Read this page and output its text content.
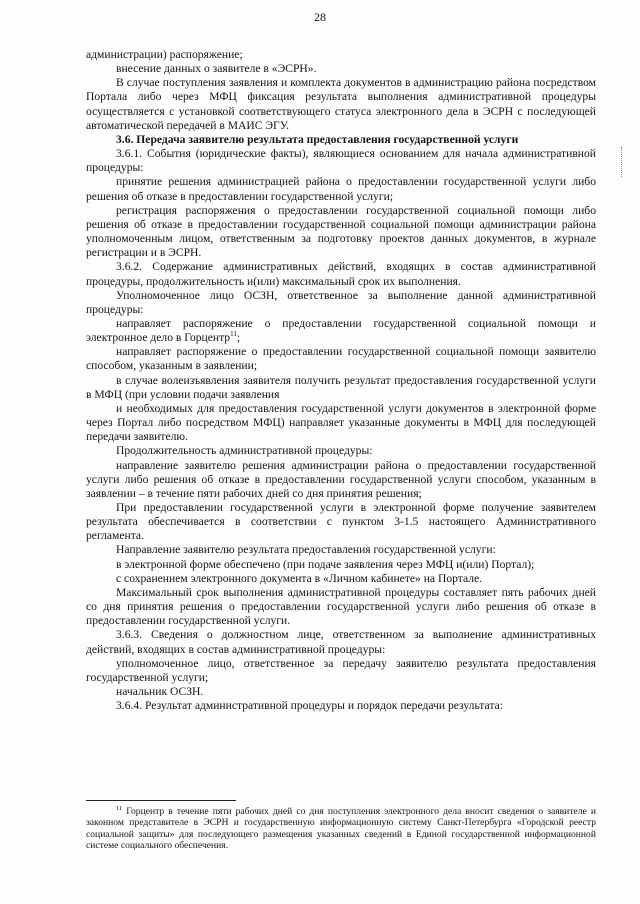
28

администрации) распоряжение;

внесение данных о заявителе в «ЭСРН».

В случае поступления заявления и комплекта документов в администрацию района посредством Портала либо через МФЦ фиксация результата выполнения административной процедуры осуществляется с установкой соответствующего статуса электронного дела в ЭСРН с последующей автоматической передачей в МАИС ЭГУ.

3.6. Передача заявителю результата предоставления государственной услуги

3.6.1. События (юридические факты), являющиеся основанием для начала административной процедуры:

принятие решения администрацией района о предоставлении государственной услуги либо решения об отказе в предоставлении государственной услуги;

регистрация распоряжения о предоставлении государственной социальной помощи либо решения об отказе в предоставлении государственной социальной помощи администрации района уполномоченным лицом, ответственным за подготовку проектов данных документов, в журнале регистрации и в ЭСРН.

3.6.2. Содержание административных действий, входящих в состав административной процедуры, продолжительность и(или) максимальный срок их выполнения.

Уполномоченное лицо ОСЗН, ответственное за выполнение данной административной процедуры:

направляет распоряжение о предоставлении государственной социальной помощи и электронное дело в Горцентр$^{11}$;

направляет распоряжение о предоставлении государственной социальной помощи заявителю способом, указанным в заявлении;

в случае волеизъявления заявителя получить результат предоставления государственной услуги в МФЦ (при условии подачи заявления

и необходимых для предоставления государственной услуги документов в электронной форме через Портал либо посредством МФЦ) направляет указанные документы в МФЦ для последующей передачи заявителю.

Продолжительность административной процедуры:

направление заявителю решения администрации района о предоставлении государственной услуги либо решения об отказе в предоставлении государственной услуги способом, указанным в заявлении – в течение пяти рабочих дней со дня принятия решения;

При предоставлении государственной услуги в электронной форме получение заявителем результата обеспечивается в соответствии с пунктом 3-1.5 настоящего Административного регламента.

Направление заявителю результата предоставления государственной услуги:

в электронной форме обеспечено (при подаче заявления через МФЦ и(или) Портал);

с сохранением электронного документа в «Личном кабинете» на Портале.

Максимальный срок выполнения административной процедуры составляет пять рабочих дней со дня принятия решения о предоставлении государственной услуги либо решения об отказе в предоставлении государственной услуги.

3.6.3. Сведения о должностном лице, ответственном за выполнение административных действий, входящих в состав административной процедуры:

уполномоченное лицо, ответственное за передачу заявителю результата предоставления государственной услуги;

начальник ОСЗН.

3.6.4. Результат административной процедуры и порядок передачи результата:

$^{11}$ Горцентр в течение пяти рабочих дней со дня поступления электронного дела вносит сведения о заявителе и законном представителе в ЭСРН и государственную информационную систему Санкт-Петербурга «Городской реестр социальной защиты» для последующего размещения указанных сведений в Единой государственной информационной системе социального обеспечения.
